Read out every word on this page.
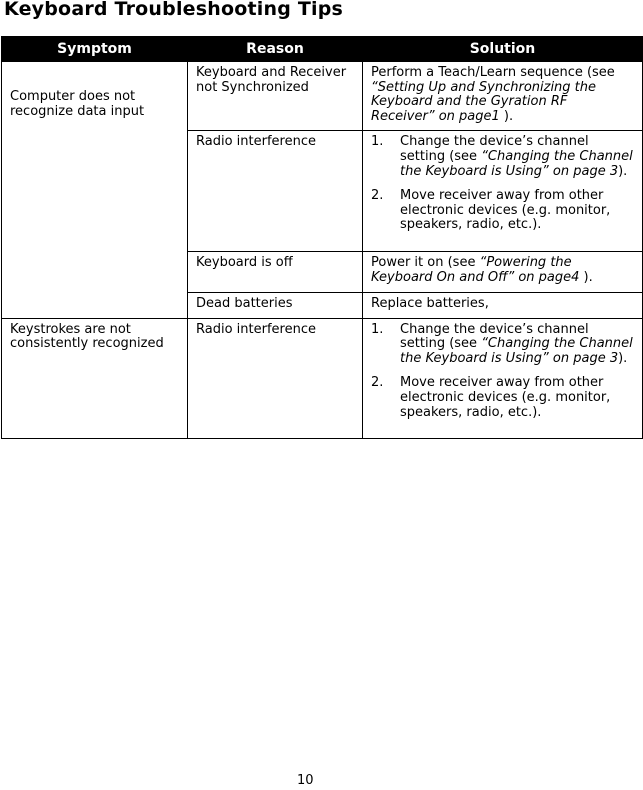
Keyboard Troubleshooting Tips
Symptom	Reason	Solution
Computer does not recognize data input	Keyboard and Receiver not Synchronized	Perform a Teach/Learn sequence (see “Setting Up and Synchronizing the Keyboard and the Gyration RF Receiver” on page1 ).
	Radio interference	1. Change the device’s channel setting (see “Changing the Channel the Keyboard is Using” on page 3).
2. Move receiver away from other electronic devices (e.g. monitor, speakers, radio, etc.).

	Keyboard is off	Power it on (see “Powering the Keyboard On and Off” on page4 ).
	Dead batteries	Replace batteries,
Keystrokes are not consistently recognized	Radio interference	1. Change the device’s channel setting (see “Changing the Channel the Keyboard is Using” on page 3).
2. Move receiver away from other electronic devices (e.g. monitor, speakers, radio, etc.).
10
